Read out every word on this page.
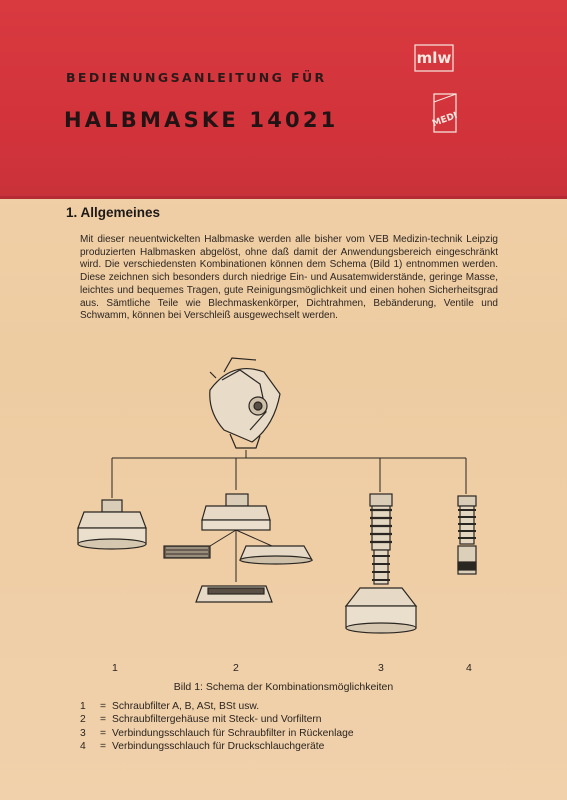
BEDIENUNGSANLEITUNG FÜR
HALBMASKE 14021
mlw
MEDI
1. Allgemeines

Mit dieser neuentwickelten Halbmaske werden alle bisher vom VEB Medizin-technik Leipzig produzierten Halbmasken abgelöst, ohne daß damit der Anwendungsbereich eingeschränkt wird. Die verschiedensten Kombinationen können dem Schema (Bild 1) entnommen werden. Diese zeichnen sich besonders durch niedrige Ein- und Ausatemwiderstände, geringe Masse, leichtes und bequemes Tragen, gute Reinigungsmöglichkeit und einen hohen Sicherheitsgrad aus. Sämtliche Teile wie Blechmaskenkörper, Dichtrahmen, Bebänderung, Ventile und Schwamm, können bei Verschleiß ausgewechselt werden.

1	2	3	4
Bild 1: Schema der Kombinationsmöglichkeiten
1	= Schraubfilter A, B, ASt, BSt usw.
2	= Schraubfiltergehäuse mit Steck- und Vorfiltern
3	= Verbindungsschlauch für Schraubfilter in Rückenlage
4	= Verbindungsschlauch für Druckschlauchgeräte
